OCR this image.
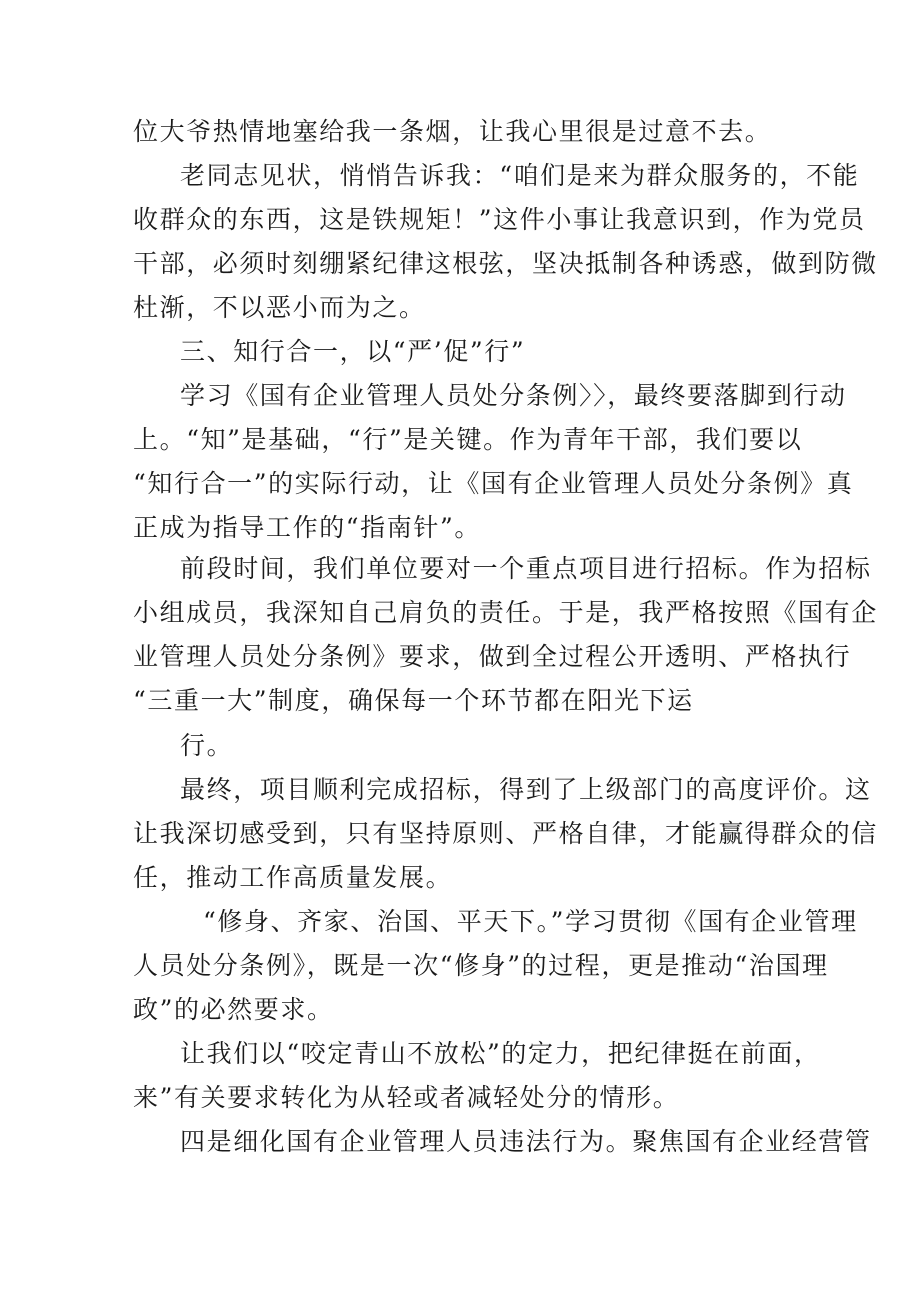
位大爷热情地塞给我一条烟，让我心里很是过意不去。
老同志见状，悄悄告诉我：“咱们是来为群众服务的，不能
收群众的东西，这是铁规矩！”这件小事让我意识到，作为党员
干部，必须时刻绷紧纪律这根弦，坚决抵制各种诱惑，做到防微
杜渐，不以恶小而为之。
三、知行合一，以“严’促”行”
学习《国有企业管理人员处分条例〉〉，最终要落脚到行动
上。“知”是基础，“行”是关键。作为青年干部，我们要以
“知行合一”的实际行动，让《国有企业管理人员处分条例》真
正成为指导工作的“指南针”。
前段时间，我们单位要对一个重点项目进行招标。作为招标
小组成员，我深知自己肩负的责任。于是，我严格按照《国有企
业管理人员处分条例》要求，做到全过程公开透明、严格执行
“三重一大”制度，确保每一个环节都在阳光下运
行。
最终，项目顺利完成招标，得到了上级部门的高度评价。这
让我深切感受到，只有坚持原则、严格自律，才能赢得群众的信
任，推动工作高质量发展。
“修身、齐家、治国、平天下。”学习贯彻《国有企业管理
人员处分条例》，既是一次“修身”的过程，更是推动“治国理
政”的必然要求。
让我们以“咬定青山不放松”的定力，把纪律挺在前面，
来”有关要求转化为从轻或者减轻处分的情形。
四是细化国有企业管理人员违法行为。聚焦国有企业经营管
